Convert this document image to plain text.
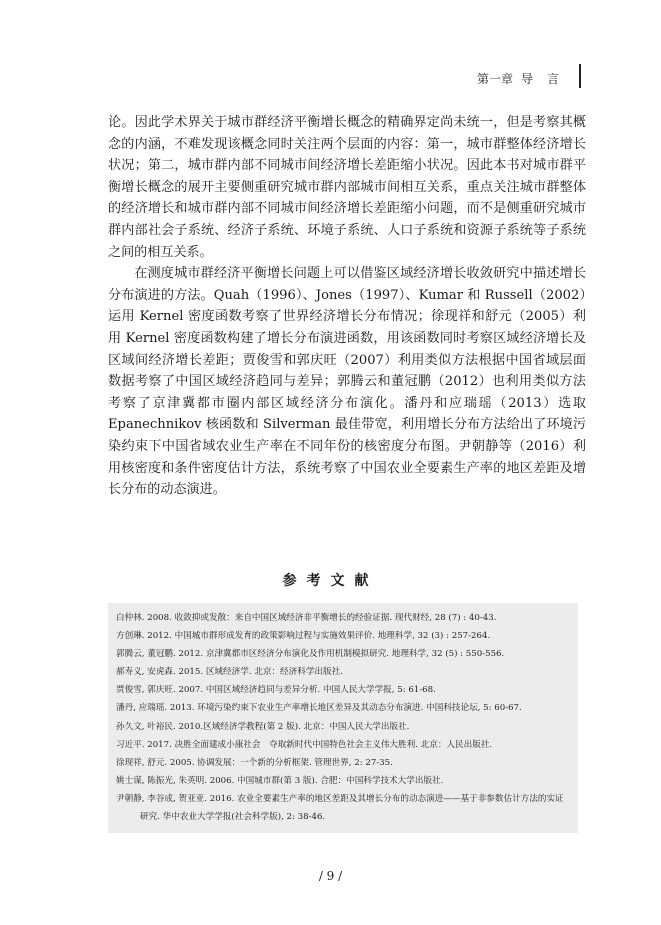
第一章 导言

论。因此学术界关于城市群经济平衡增长概念的精确界定尚未统一，但是考察其概念的内涵，不难发现该概念同时关注两个层面的内容：第一，城市群整体经济增长状况；第二，城市群内部不同城市间经济增长差距缩小状况。因此本书对城市群平衡增长概念的展开主要侧重研究城市群内部城市间相互关系，重点关注城市群整体的经济增长和城市群内部不同城市间经济增长差距缩小问题，而不是侧重研究城市群内部社会子系统、经济子系统、环境子系统、人口子系统和资源子系统等子系统之间的相互关系。

在测度城市群经济平衡增长问题上可以借鉴区域经济增长收敛研究中描述增长分布演进的方法。Quah（1996）、Jones（1997）、Kumar 和 Russell（2002）运用 Kernel 密度函数考察了世界经济增长分布情况；徐现祥和舒元（2005）利用 Kernel 密度函数构建了增长分布演进函数，用该函数同时考察区域经济增长及区域间经济增长差距；贾俊雪和郭庆旺（2007）利用类似方法根据中国省域层面数据考察了中国区域经济趋同与差异；郭腾云和董冠鹏（2012）也利用类似方法考察了京津冀都市圈内部区域经济分布演化。潘丹和应瑞瑶（2013）选取 Epanechnikov 核函数和 Silverman 最佳带宽，利用增长分布方法给出了环境污染约束下中国省域农业生产率在不同年份的核密度分布图。尹朝静等（2016）利用核密度和条件密度估计方法，系统考察了中国农业全要素生产率的地区差距及增长分布的动态演进。

参考文献
白仲林. 2008. 收敛抑或发散：来自中国区域经济非平衡增长的经验证据. 现代财经, 28 (7) : 40-43.
方创琳. 2012. 中国城市群形成发育的政策影响过程与实施效果评价. 地理科学, 32 (3) : 257-264.
郭腾云, 董冠鹏. 2012. 京津冀都市区经济分布演化及作用机制模拟研究. 地理科学, 32 (5) : 550-556.
郝寿义, 安虎森. 2015. 区域经济学. 北京：经济科学出版社.
贾俊雪, 郭庆旺. 2007. 中国区域经济趋同与差异分析. 中国人民大学学报, 5: 61-68.
潘丹, 应瑞瑶. 2013. 环境污染约束下农业生产率增长地区差异及其动态分布演进. 中国科技论坛, 5: 60-67.
孙久文, 叶裕民. 2010.区域经济学教程(第 2 版). 北京：中国人民大学出版社.
习近平. 2017. 决胜全面建成小康社会　夺取新时代中国特色社会主义伟大胜利. 北京：人民出版社.
徐现祥, 舒元. 2005. 协调发展：一个新的分析框架. 管理世界, 2: 27-35.
姚士谋, 陈振光, 朱英明. 2006. 中国城市群(第 3 版). 合肥：中国科学技术大学出版社.
尹朝静, 李谷成, 贺亚亚. 2016. 农业全要素生产率的地区差距及其增长分布的动态演进——基于非参数估计方法的实证研究. 华中农业大学学报(社会科学版), 2: 38-46.
/ 9 /
